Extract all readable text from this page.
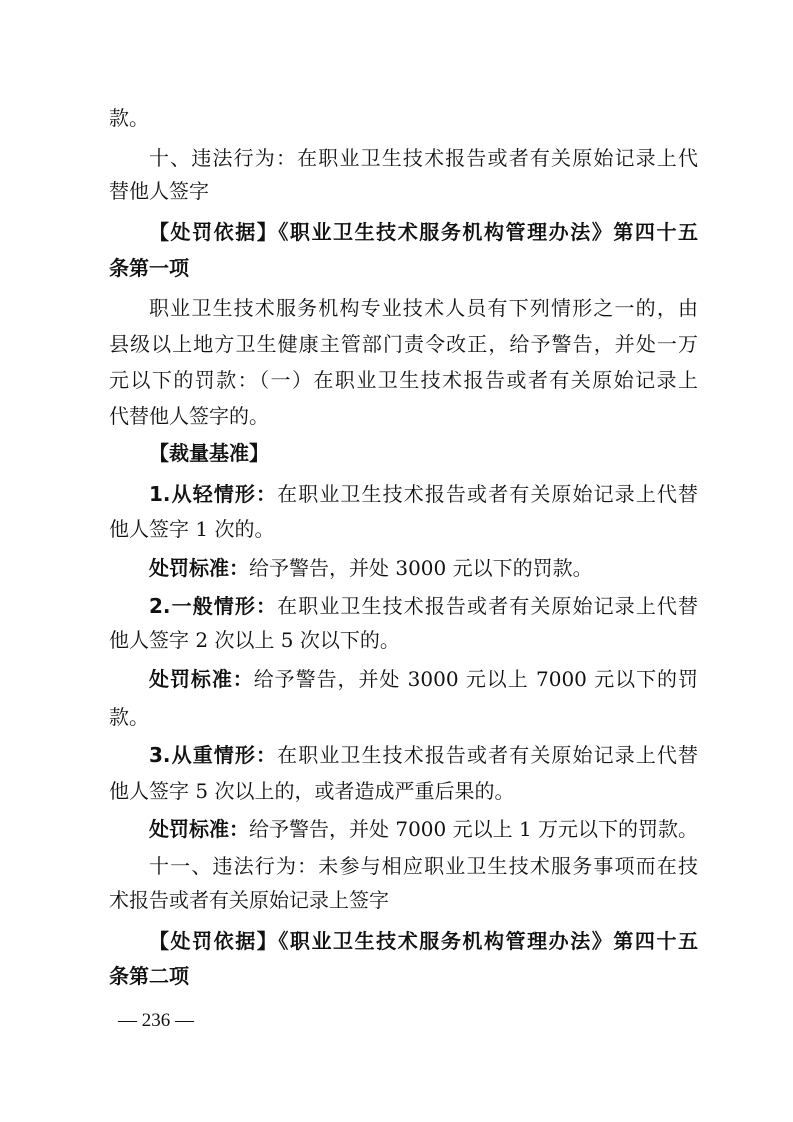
款。
十、违法行为：在职业卫生技术报告或者有关原始记录上代
替他人签字
【处罚依据】《职业卫生技术服务机构管理办法》第四十五
条第一项
职业卫生技术服务机构专业技术人员有下列情形之一的，由
县级以上地方卫生健康主管部门责令改正，给予警告，并处一万
元以下的罚款：（一）在职业卫生技术报告或者有关原始记录上
代替他人签字的。
【裁量基准】
1.从轻情形：在职业卫生技术报告或者有关原始记录上代替
他人签字 1 次的。
处罚标准：给予警告，并处 3000 元以下的罚款。
2.一般情形：在职业卫生技术报告或者有关原始记录上代替
他人签字 2 次以上 5 次以下的。
处罚标准：给予警告，并处 3000 元以上 7000 元以下的罚
款。
3.从重情形：在职业卫生技术报告或者有关原始记录上代替
他人签字 5 次以上的，或者造成严重后果的。
处罚标准：给予警告，并处 7000 元以上 1 万元以下的罚款。
十一、违法行为：未参与相应职业卫生技术服务事项而在技
术报告或者有关原始记录上签字
【处罚依据】《职业卫生技术服务机构管理办法》第四十五
条第二项
— 236 —
